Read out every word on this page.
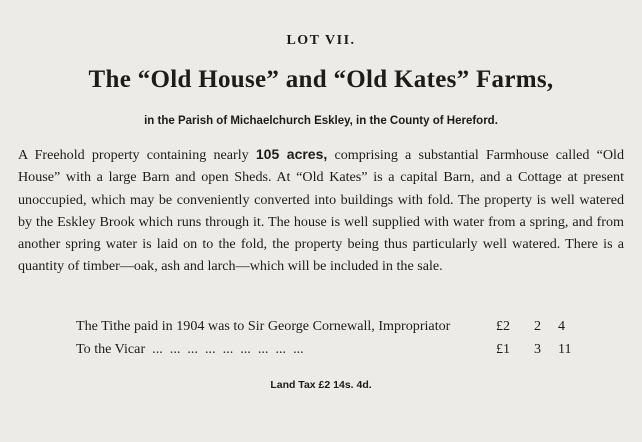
LOT VII.
The “Old House” and “Old Kates” Farms,
in the Parish of Michaelchurch Eskley, in the County of Hereford.

A Freehold property containing nearly 105 acres, comprising a substantial Farmhouse called “Old House” with a large Barn and open Sheds. At “Old Kates” is a capital Barn, and a Cottage at present unoccupied, which may be conveniently converted into buildings with fold. The property is well watered by the Eskley Brook which runs through it. The house is well supplied with water from a spring, and from another spring water is laid on to the fold, the property being thus particularly well watered. There is a quantity of timber—oak, ash and larch—which will be included in the sale.

The Tithe paid in 1904 was to Sir George Cornewall, Impropriator	£2	2	4
To the Vicar  ...  ...  ...  ...  ...  ...  ...  ...  ...	£1	3	11
Land Tax £2 14s. 4d.
